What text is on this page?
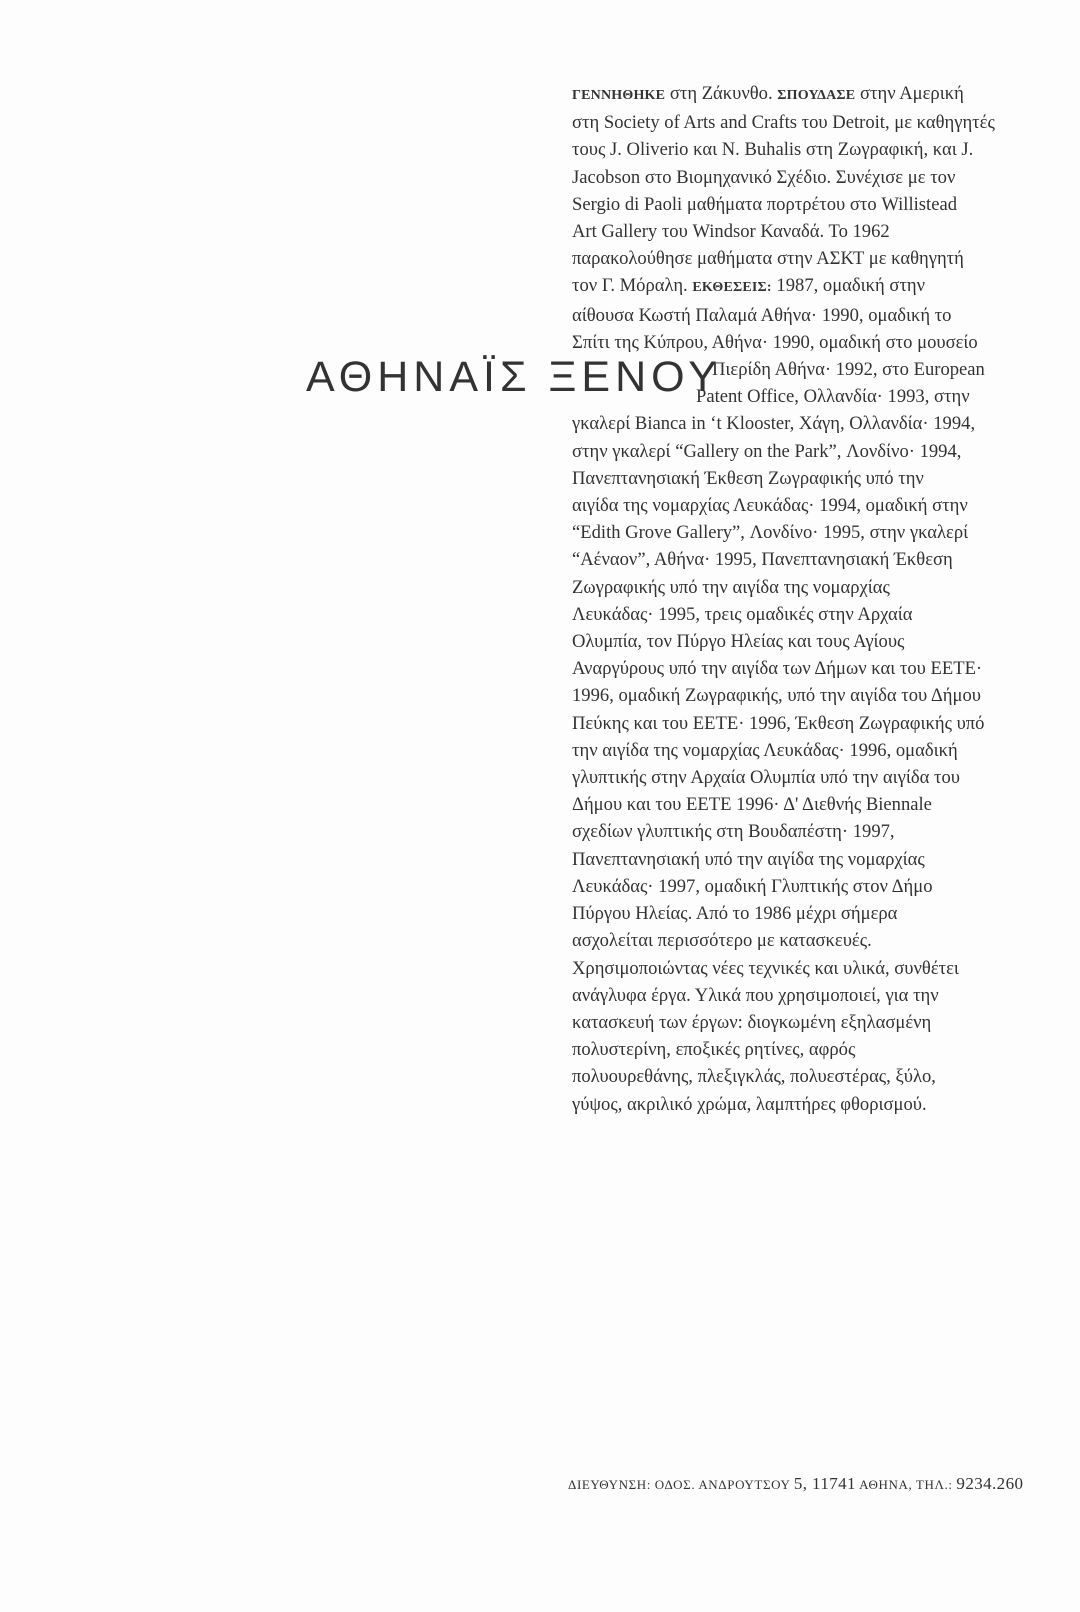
ΑΘΗΝΑΪΣ ΞΕΝΟΥ
ΓΕΝΝΗΘΗΚΕ στη Ζάκυνθο. ΣΠΟΥΔΑΣΕ στην Αμερική
στη Society of Arts and Crafts του Detroit, με καθηγητές
τους J. Oliverio και N. Buhalis στη Ζωγραφική, και J.
Jacobson στο Βιομηχανικό Σχέδιο. Συνέχισε με τον
Sergio di Paoli μαθήματα πορτρέτου στο Willistead
Art Gallery του Windsor Καναδά. Το 1962
παρακολούθησε μαθήματα στην ΑΣΚΤ με καθηγητή
τον Γ. Μόραλη. ΕΚΘΕΣΕΙΣ: 1987, ομαδική στην
αίθουσα Κωστή Παλαμά Αθήνα· 1990, ομαδική το
Σπίτι της Κύπρου, Αθήνα· 1990, ομαδική στο μουσείο
Πιερίδη Αθήνα· 1992, στο European
Patent Office, Ολλανδία· 1993, στην
γκαλερί Bianca in ‘t Klooster, Χάγη, Ολλανδία· 1994,
στην γκαλερί “Gallery on the Park”, Λονδίνο· 1994,
Πανεπτανησιακή Έκθεση Ζωγραφικής υπό την
αιγίδα της νομαρχίας Λευκάδας· 1994, ομαδική στην
“Edith Grove Gallery”, Λονδίνο· 1995, στην γκαλερί
“Αέναον”, Αθήνα· 1995, Πανεπτανησιακή Έκθεση
Ζωγραφικής υπό την αιγίδα της νομαρχίας
Λευκάδας· 1995, τρεις ομαδικές στην Αρχαία
Ολυμπία, τον Πύργο Ηλείας και τους Αγίους
Αναργύρους υπό την αιγίδα των Δήμων και του ΕΕΤΕ·
1996, ομαδική Ζωγραφικής, υπό την αιγίδα του Δήμου
Πεύκης και του ΕΕΤΕ· 1996, Έκθεση Ζωγραφικής υπό
την αιγίδα της νομαρχίας Λευκάδας· 1996, ομαδική
γλυπτικής στην Αρχαία Ολυμπία υπό την αιγίδα του
Δήμου και του ΕΕΤΕ 1996· Δ' Διεθνής Biennale
σχεδίων γλυπτικής στη Βουδαπέστη· 1997,
Πανεπτανησιακή υπό την αιγίδα της νομαρχίας
Λευκάδας· 1997, ομαδική Γλυπτικής στον Δήμο
Πύργου Ηλείας. Από το 1986 μέχρι σήμερα
ασχολείται περισσότερο με κατασκευές.
Χρησιμοποιώντας νέες τεχνικές και υλικά, συνθέτει
ανάγλυφα έργα. Υλικά που χρησιμοποιεί, για την
κατασκευή των έργων: διογκωμένη εξηλασμένη
πολυστερίνη, εποξικές ρητίνες, αφρός
πολυουρεθάνης, πλεξιγκλάς, πολυεστέρας, ξύλο,
γύψος, ακριλικό χρώμα, λαμπτήρες φθορισμού.
ΔΙΕΥΘΥΝΣΗ: ΟΔΟΣ. ΑΝΔΡΟΥΤΣΟΥ 5, 11741 ΑΘΗΝΑ, ΤΗΛ.: 9234.260
